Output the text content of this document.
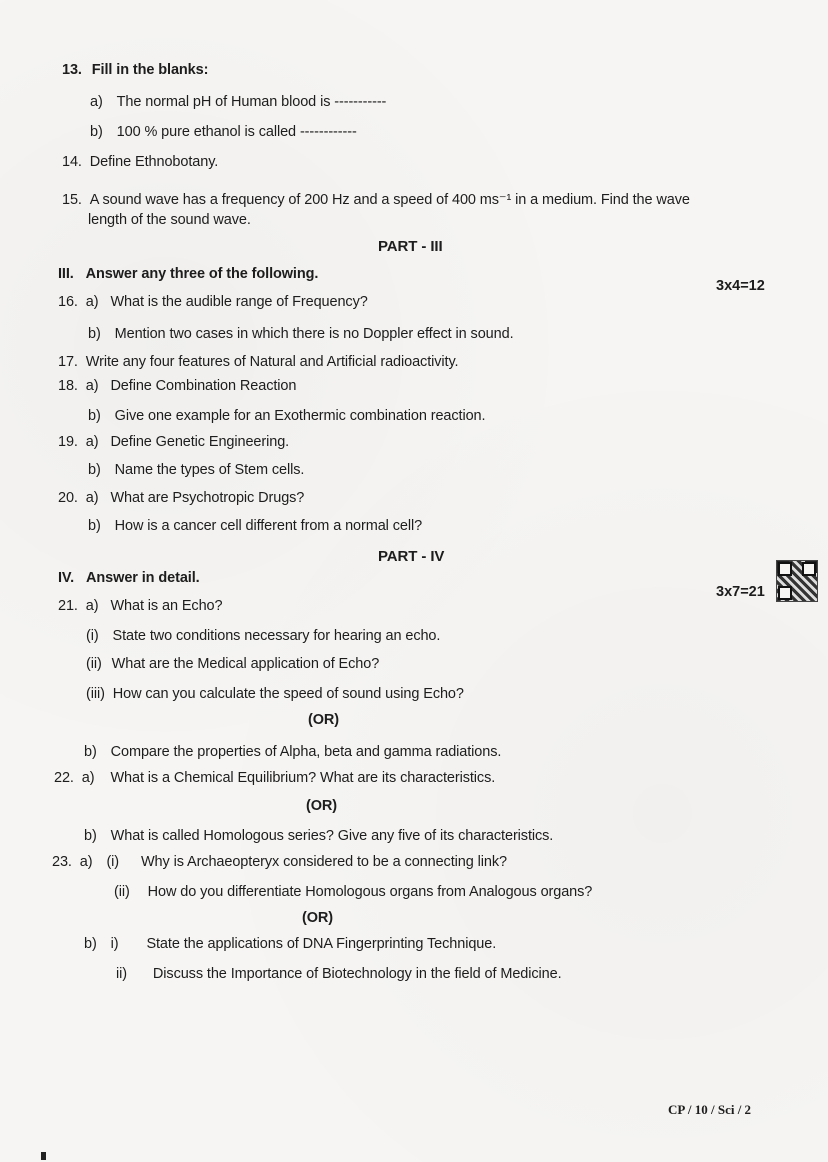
13. Fill in the blanks:
a) The normal pH of Human blood is -----------
b) 100 % pure ethanol is called ------------
14. Define Ethnobotany.
15. A sound wave has a frequency of 200 Hz and a speed of 400 ms⁻¹ in a medium. Find the wave
length of the sound wave.
PART - III
III. Answer any three of the following.
3x4=12
16. a) What is the audible range of Frequency?
b) Mention two cases in which there is no Doppler effect in sound.
17. Write any four features of Natural and Artificial radioactivity.
18. a) Define Combination Reaction
b) Give one example for an Exothermic combination reaction.
19. a) Define Genetic Engineering.
b) Name the types of Stem cells.
20. a) What are Psychotropic Drugs?
b) How is a cancer cell different from a normal cell?
PART - IV
IV. Answer in detail.
3x7=21
21. a) What is an Echo?
(i) State two conditions necessary for hearing an echo.
(ii) What are the Medical application of Echo?
(iii) How can you calculate the speed of sound using Echo?
(OR)
b) Compare the properties of Alpha, beta and gamma radiations.
22. a) What is a Chemical Equilibrium? What are its characteristics.
(OR)
b) What is called Homologous series? Give any five of its characteristics.
23. a) (i) Why is Archaeopteryx considered to be a connecting link?
(ii) How do you differentiate Homologous organs from Analogous organs?
(OR)
b) i) State the applications of DNA Fingerprinting Technique.
ii) Discuss the Importance of Biotechnology in the field of Medicine.
CP / 10 / Sci / 2
